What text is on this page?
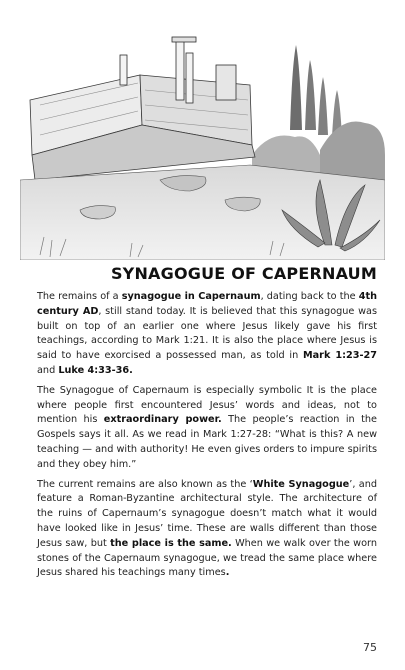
SYNAGOGUE OF CAPERNAUM

The remains of a synagogue in Capernaum, dating back to the 4th century AD, still stand today. It is believed that this synagogue was built on top of an earlier one where Jesus likely gave his first teachings, according to Mark 1:21. It is also the place where Jesus is said to have exorcised a possessed man, as told in Mark 1:23-27 and Luke 4:33-36.

The Synagogue of Capernaum is especially symbolic It is the place where people first encountered Jesus’ words and ideas, not to mention his extraordinary power. The people’s reaction in the Gospels says it all. As we read in Mark 1:27-28: “What is this? A new teaching — and with authority! He even gives orders to impure spirits and they obey him.”

The current remains are also known as the ‘White Synagogue’, and feature a Roman-Byzantine architectural style. The architecture of the ruins of Capernaum’s synagogue doesn’t match what it would have looked like in Jesus’ time. These are walls different than those Jesus saw, but the place is the same. When we walk over the worn stones of the Capernaum synagogue, we tread the same place where Jesus shared his teachings many times.

75
